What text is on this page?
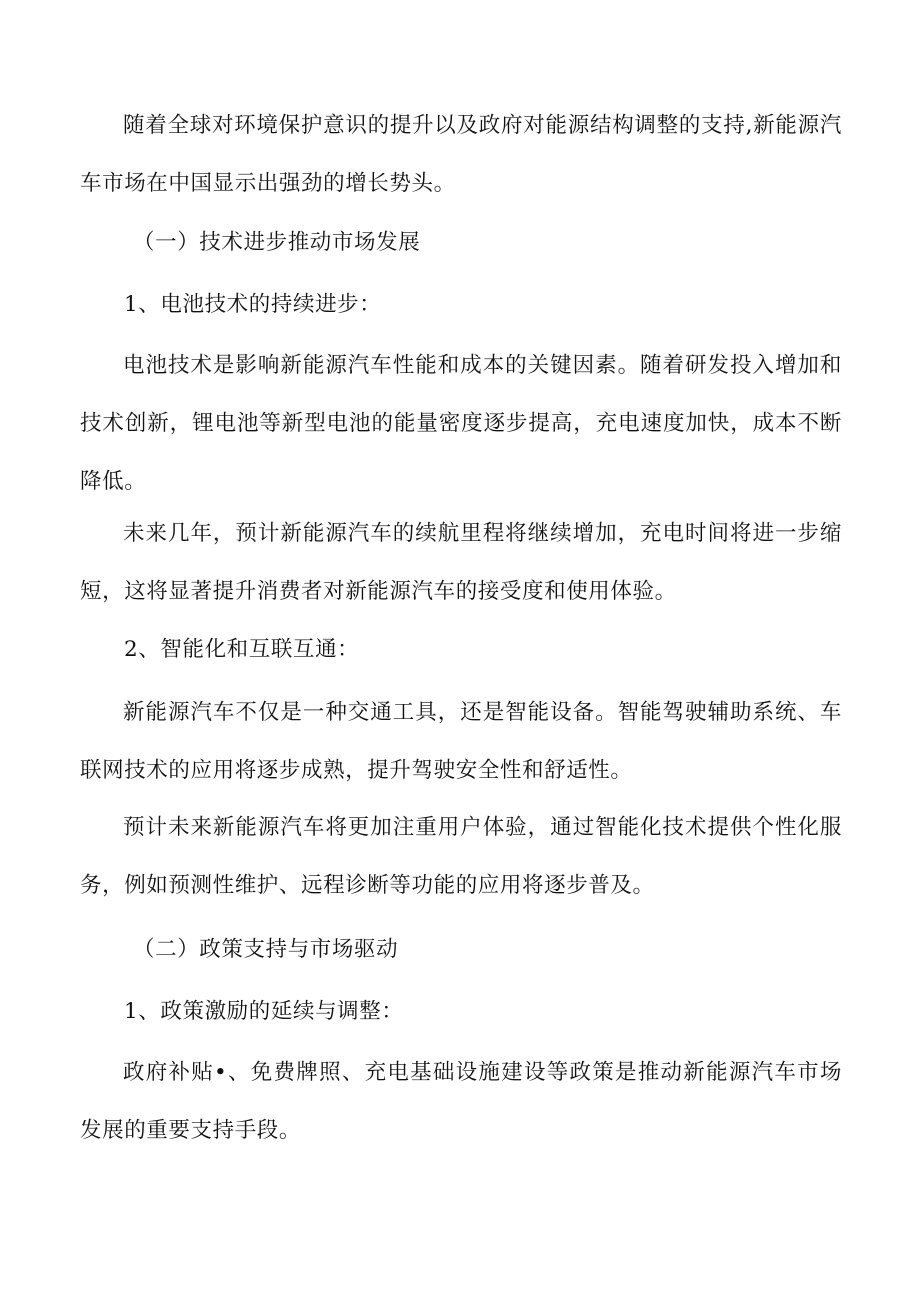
随着全球对环境保护意识的提升以及政府对能源结构调整的支持,新能源汽车市场在中国显示出强劲的增长势头。

（一）技术进步推动市场发展

1、电池技术的持续进步：

电池技术是影响新能源汽车性能和成本的关键因素。随着研发投入增加和技术创新，锂电池等新型电池的能量密度逐步提高，充电速度加快，成本不断降低。

未来几年，预计新能源汽车的续航里程将继续增加，充电时间将进一步缩短，这将显著提升消费者对新能源汽车的接受度和使用体验。

2、智能化和互联互通：

新能源汽车不仅是一种交通工具，还是智能设备。智能驾驶辅助系统、车联网技术的应用将逐步成熟，提升驾驶安全性和舒适性。

预计未来新能源汽车将更加注重用户体验，通过智能化技术提供个性化服务，例如预测性维护、远程诊断等功能的应用将逐步普及。

（二）政策支持与市场驱动

1、政策激励的延续与调整：

政府补贴•、免费牌照、充电基础设施建设等政策是推动新能源汽车市场发展的重要支持手段。
